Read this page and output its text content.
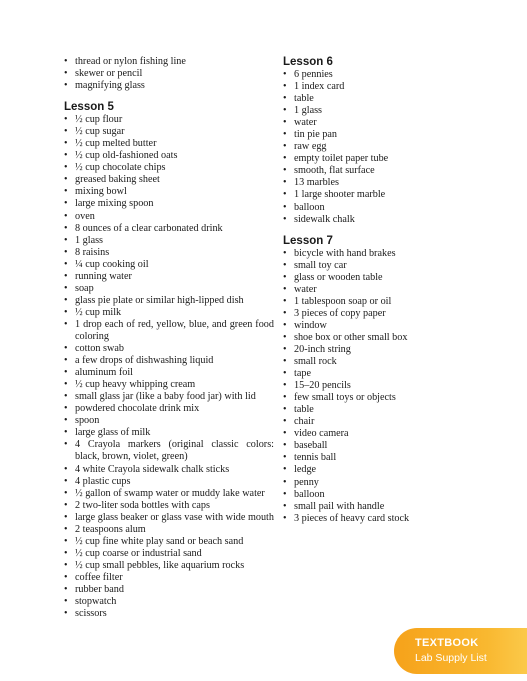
• thread or nylon fishing line
• skewer or pencil
• magnifying glass
Lesson 5
• ½ cup flour
• ½ cup sugar
• ½ cup melted butter
• ½ cup old-fashioned oats
• ½ cup chocolate chips
• greased baking sheet
• mixing bowl
• large mixing spoon
• oven
• 8 ounces of a clear carbonated drink
• 1 glass
• 8 raisins
• ¼ cup cooking oil
• running water
• soap
• glass pie plate or similar high-lipped dish
• ½ cup milk
• 1 drop each of red, yellow, blue, and green food coloring
• cotton swab
• a few drops of dishwashing liquid
• aluminum foil
• ½ cup heavy whipping cream
• small glass jar (like a baby food jar) with lid
• powdered chocolate drink mix
• spoon
• large glass of milk
• 4 Crayola markers (original classic colors: black, brown, violet, green)
• 4 white Crayola sidewalk chalk sticks
• 4 plastic cups
• ½ gallon of swamp water or muddy lake water
• 2 two-liter soda bottles with caps
• large glass beaker or glass vase with wide mouth
• 2 teaspoons alum
• ½ cup fine white play sand or beach sand
• ½ cup coarse or industrial sand
• ½ cup small pebbles, like aquarium rocks
• coffee filter
• rubber band
• stopwatch
• scissors
Lesson 6
• 6 pennies
• 1 index card
• table
• 1 glass
• water
• tin pie pan
• raw egg
• empty toilet paper tube
• smooth, flat surface
• 13 marbles
• 1 large shooter marble
• balloon
• sidewalk chalk
Lesson 7
• bicycle with hand brakes
• small toy car
• glass or wooden table
• water
• 1 tablespoon soap or oil
• 3 pieces of copy paper
• window
• shoe box or other small box
• 20-inch string
• small rock
• tape
• 15–20 pencils
• few small toys or objects
• table
• chair
• video camera
• baseball
• tennis ball
• ledge
• penny
• balloon
• small pail with handle
• 3 pieces of heavy card stock
TEXTBOOK
Lab Supply List
